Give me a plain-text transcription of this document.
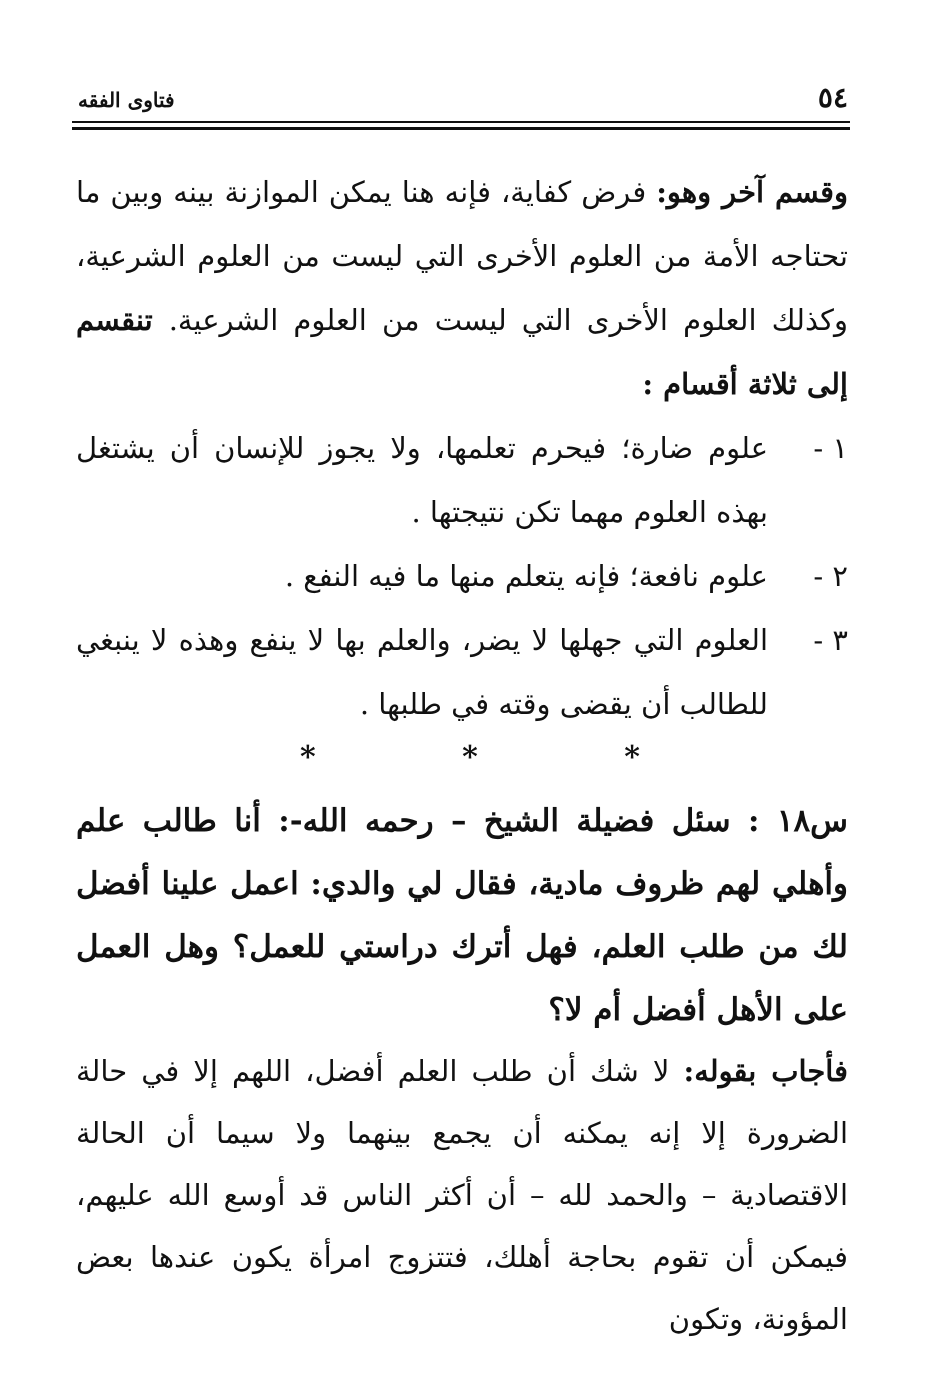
٥٤
فتاوى الفقه

وقسم آخر وهو: فرض كفاية، فإنه هنا يمكن الموازنة بينه وبين ما تحتاجه الأمة من العلوم الأخرى التي ليست من العلوم الشرعية، وكذلك العلوم الأخرى التي ليست من العلوم الشرعية. تنقسم إلى ثلاثة أقسام :

١ -
علوم ضارة؛ فيحرم تعلمها، ولا يجوز للإنسان أن يشتغل بهذه العلوم مهما تكن نتيجتها .

٢ -
علوم نافعة؛ فإنه يتعلم منها ما فيه النفع .

٣ -
العلوم التي جهلها لا يضر، والعلم بها لا ينفع وهذه لا ينبغي للطالب أن يقضى وقته في طلبها .

*	*	*
س١٨ : سئل فضيلة الشيخ – رحمه الله-: أنا طالب علم وأهلي لهم ظروف مادية، فقال لي والدي: اعمل علينا أفضل لك من طلب العلم، فهل أترك دراستي للعمل؟ وهل العمل على الأهل أفضل أم لا؟
فأجاب بقوله: لا شك أن طلب العلم أفضل، اللهم إلا في حالة الضرورة إلا إنه يمكنه أن يجمع بينهما ولا سيما أن الحالة الاقتصادية – والحمد لله – أن أكثر الناس قد أوسع الله عليهم، فيمكن أن تقوم بحاجة أهلك، فتتزوج امرأة يكون عندها بعض المؤونة، وتكون
